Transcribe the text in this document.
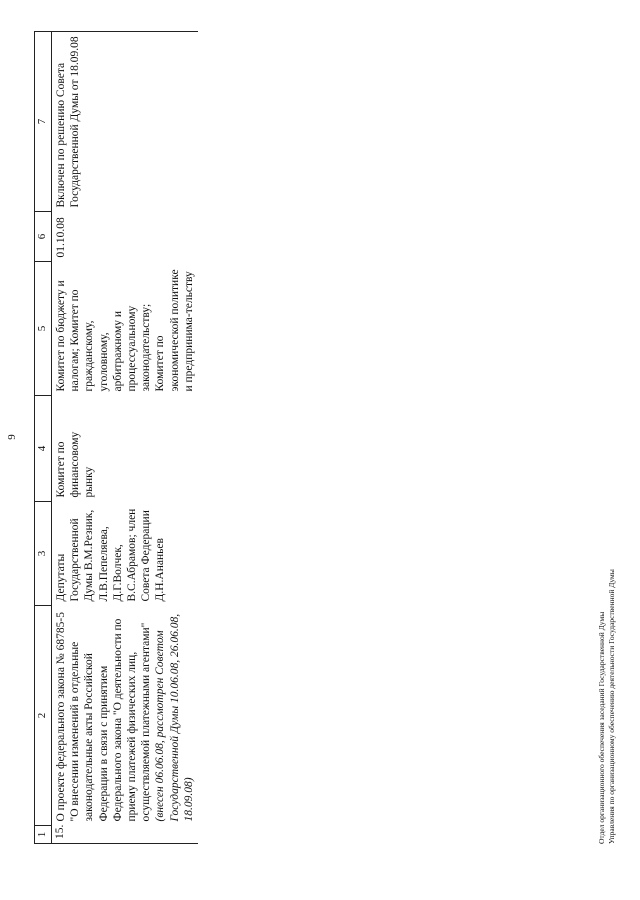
9
1	2	3	4	5	6	7
15.	О проекте федерального закона № 68785-5 "О внесении изменений в отдельные законодательные акты Российской Федерации в связи с принятием Федерального закона "О деятельности по приему платежей физических лиц, осуществляемой платежными агентами" (внесен 06.06.08, рассмотрен Советом Государственной Думы 10.06.08, 26.06.08, 18.09.08)	Депутаты Государственной Думы В.М.Резник, Л.В.Пепеляева, Д.Г.Волчек, В.С.Абрамов; член Совета Федерации Д.Н.Ананьев	Комитет по финансовому рынку	Комитет по бюджету и налогам; Комитет по гражданскому, уголовному, арбитражному и процессуальному законодательству; Комитет по экономической политике и предпринима-тельству	01.10.08	Включен по решению Совета Государственной Думы от 18.09.08
Отдел организационного обеспечения заседаний Государственной Думы Управления по организационному обеспечению деятельности Государственной Думы
